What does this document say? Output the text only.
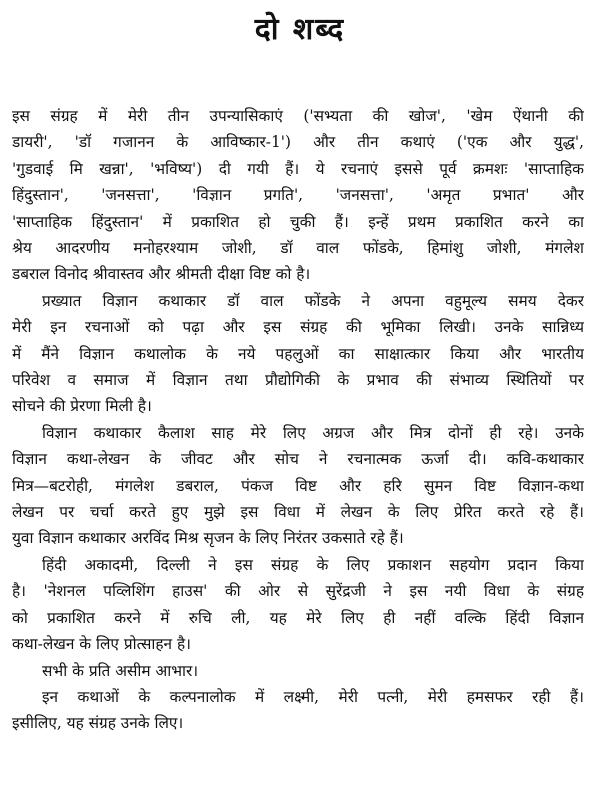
दो शब्द
इस संग्रह में मेरी तीन उपन्यासिकाएं ('सभ्यता की खोज', 'खेम ऐंथानी की
डायरी', 'डॉ गजानन के आविष्कार-1') और तीन कथाएं ('एक और युद्ध',
'गुडवाई मि खन्ना', 'भविष्य') दी गयी हैं। ये रचनाएं इससे पूर्व क्रमशः 'साप्ताहिक
हिंदुस्तान', 'जनसत्ता', 'विज्ञान प्रगति', 'जनसत्ता', 'अमृत प्रभात' और
'साप्ताहिक हिंदुस्तान' में प्रकाशित हो चुकी हैं। इन्हें प्रथम प्रकाशित करने का
श्रेय आदरणीय मनोहरश्याम जोशी, डॉ वाल फोंडके, हिमांशु जोशी, मंगलेश
डबराल विनोद श्रीवास्तव और श्रीमती दीक्षा विष्ट को है।
प्रख्यात विज्ञान कथाकार डॉ वाल फोंडके ने अपना वहुमूल्य समय देकर
मेरी इन रचनाओं को पढ़ा और इस संग्रह की भूमिका लिखी। उनके सान्निध्य
में मैंने विज्ञान कथालोक के नये पहलुओं का साक्षात्कार किया और भारतीय
परिवेश व समाज में विज्ञान तथा प्रौद्योगिकी के प्रभाव की संभाव्य स्थितियों पर
सोचने की प्रेरणा मिली है।
विज्ञान कथाकार कैलाश साह मेरे लिए अग्रज और मित्र दोनों ही रहे। उनके
विज्ञान कथा-लेखन के जीवट और सोच ने रचनात्मक ऊर्जा दी। कवि-कथाकार
मित्र—बटरोही, मंगलेश डबराल, पंकज विष्ट और हरि सुमन विष्ट विज्ञान-कथा
लेखन पर चर्चा करते हुए मुझे इस विधा में लेखन के लिए प्रेरित करते रहे हैं।
युवा विज्ञान कथाकार अरविंद मिश्र सृजन के लिए निरंतर उकसाते रहे हैं।
हिंदी अकादमी, दिल्ली ने इस संग्रह के लिए प्रकाशन सहयोग प्रदान किया
है। 'नेशनल पव्लिशिंग हाउस' की ओर से सुरेंद्रजी ने इस नयी विधा के संग्रह
को प्रकाशित करने में रुचि ली, यह मेरे लिए ही नहीं वल्कि हिंदी विज्ञान
कथा-लेखन के लिए प्रोत्साहन है।
सभी के प्रति असीम आभार।
इन कथाओं के कल्पनालोक में लक्ष्मी, मेरी पत्नी, मेरी हमसफर रही हैं।
इसीलिए, यह संग्रह उनके लिए।
